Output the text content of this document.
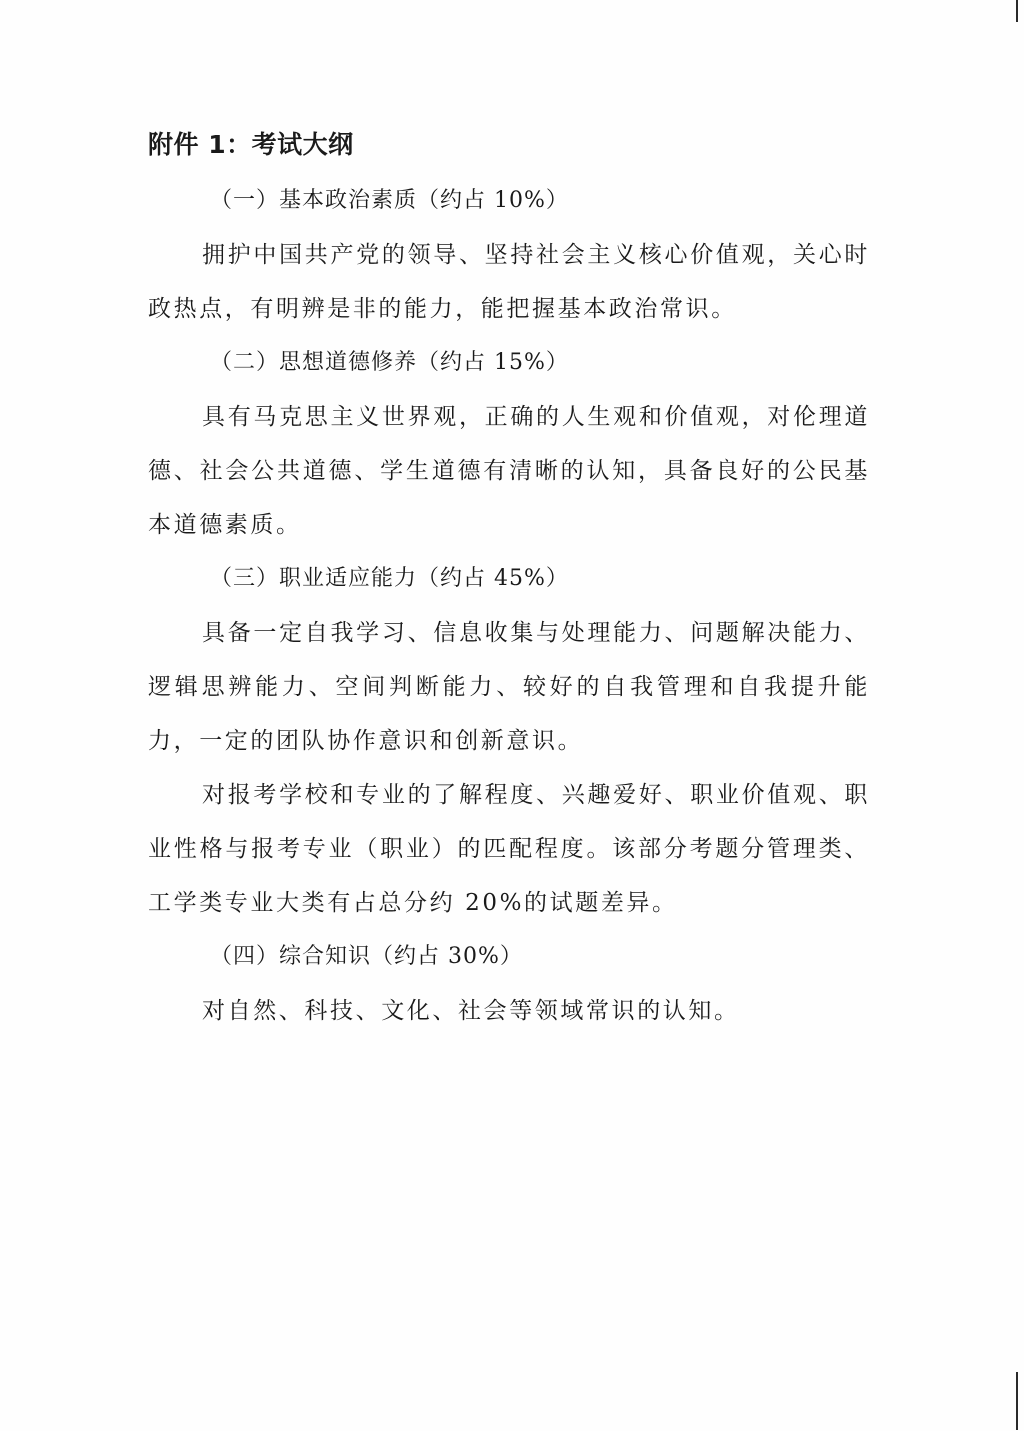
附件 1：考试大纲

（一）基本政治素质（约占 10%）

拥护中国共产党的领导、坚持社会主义核心价值观，关心时政热点，有明辨是非的能力，能把握基本政治常识。

（二）思想道德修养（约占 15%）

具有马克思主义世界观，正确的人生观和价值观，对伦理道德、社会公共道德、学生道德有清晰的认知，具备良好的公民基本道德素质。

（三）职业适应能力（约占 45%）

具备一定自我学习、信息收集与处理能力、问题解决能力、逻辑思辨能力、空间判断能力、较好的自我管理和自我提升能力，一定的团队协作意识和创新意识。

对报考学校和专业的了解程度、兴趣爱好、职业价值观、职业性格与报考专业（职业）的匹配程度。该部分考题分管理类、工学类专业大类有占总分约 20%的试题差异。

（四）综合知识（约占 30%）

对自然、科技、文化、社会等领域常识的认知。
